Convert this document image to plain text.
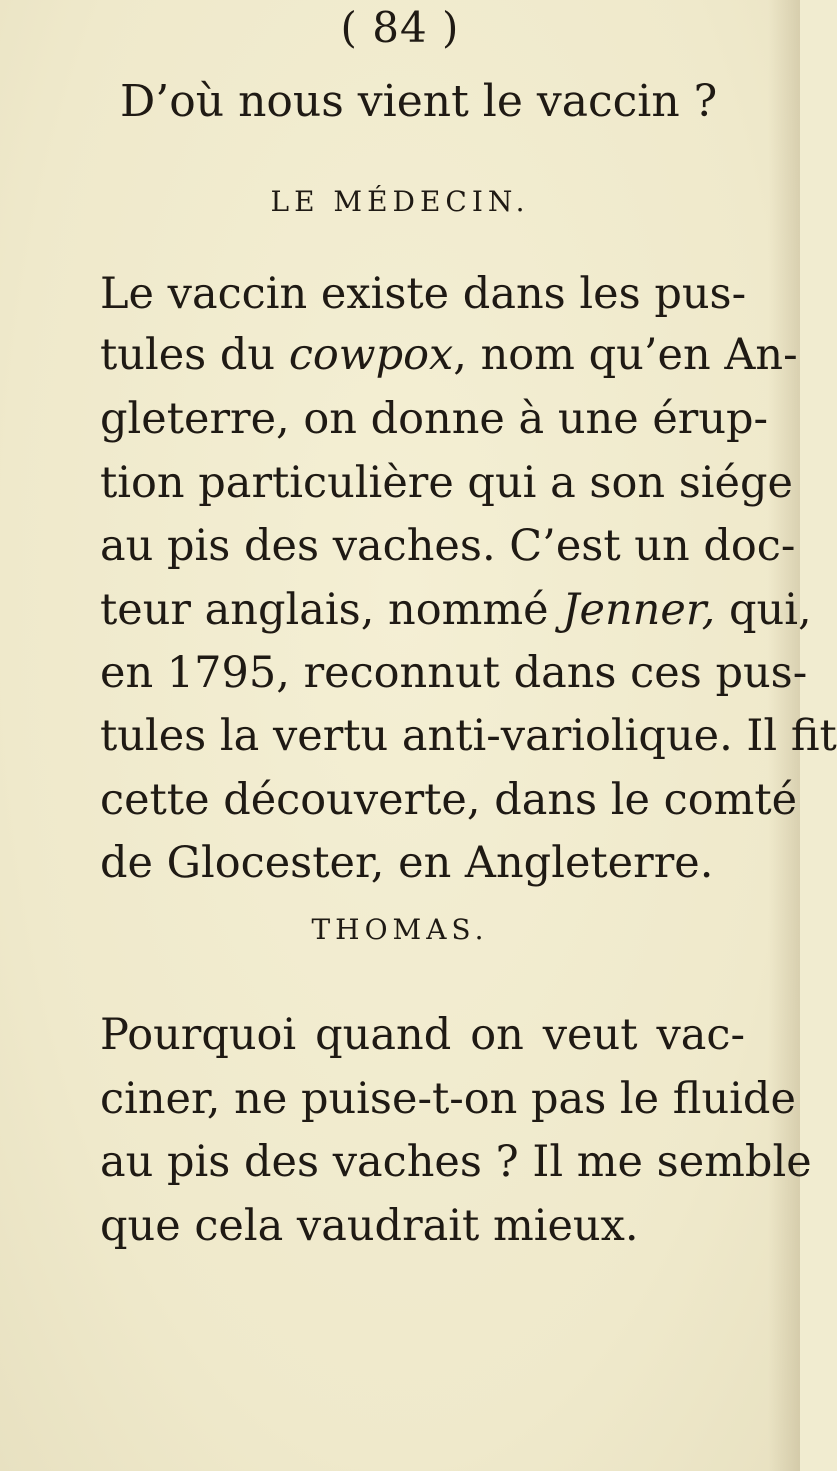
( 84 )
D’où nous vient le vaccin ?
LE MÉDECIN.
Le vaccin existe dans les pus-
tules du cowpox, nom qu’en An-
gleterre, on donne à une érup-
tion particulière qui a son siége
au pis des vaches. C’est un doc-
teur anglais, nommé Jenner, qui,
en 1795, reconnut dans ces pus-
tules la vertu anti-variolique. Il fit
cette découverte, dans le comté
de Glocester, en Angleterre.
THOMAS.
Pourquoi quand on veut vac-
ciner, ne puise-t-on pas le fluide
au pis des vaches ? Il me semble
que cela vaudrait mieux.
